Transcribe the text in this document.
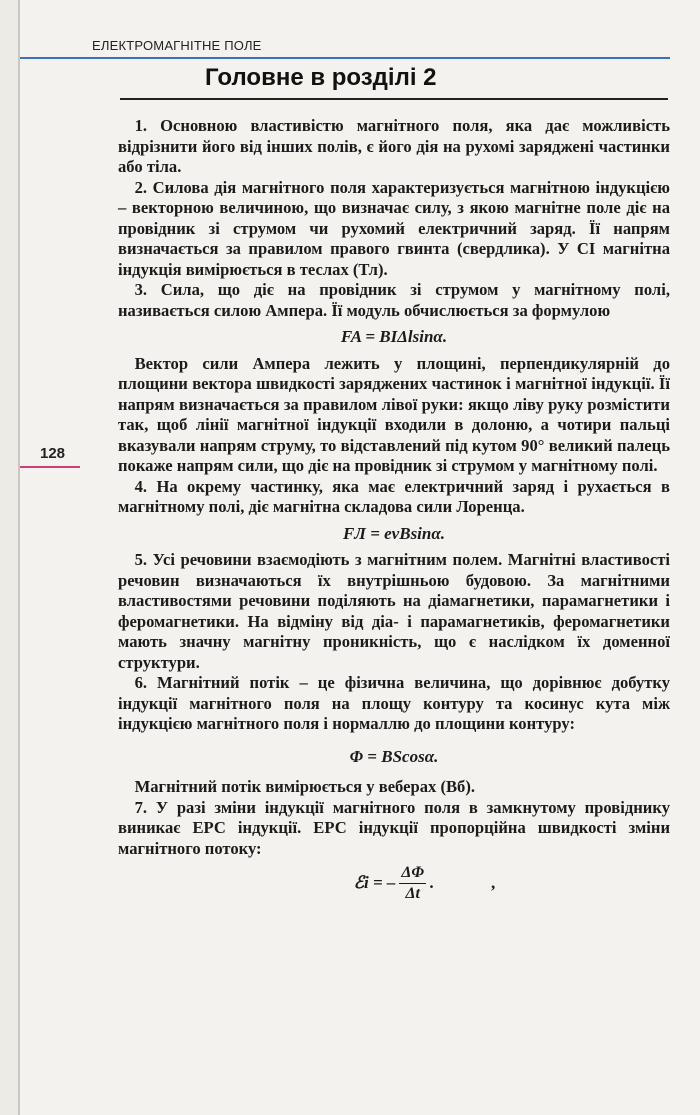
ЕЛЕКТРОМАГНІТНЕ ПОЛЕ
Головне в розділі 2
128

1. Основною властивістю магнітного поля, яка дає можливість відрізнити його від інших полів, є його дія на рухомі заряджені частинки або тіла.

2. Силова дія магнітного поля характеризується магнітною індукцією – векторною величиною, що визначає силу, з якою магнітне поле діє на провідник зі струмом чи рухомий електричний заряд. Її напрям визначається за правилом правого гвинта (свердлика). У СІ магнітна індукція вимірюється в теслах (Тл).

3. Сила, що діє на провідник зі струмом у магнітному полі, називається силою Ампера. Її модуль обчислюється за формулою

FA = BIΔlsinα.

Вектор сили Ампера лежить у площині, перпендикулярній до площини вектора швидкості заряджених частинок і магнітної індукції. Її напрям визначається за правилом лівої руки: якщо ліву руку розмістити так, щоб лінії магнітної індукції входили в долоню, а чотири пальці вказували напрям струму, то відставлений під кутом 90° великий палець покаже напрям сили, що діє на провідник зі струмом у магнітному полі.

4. На окрему частинку, яка має електричний заряд і рухається в магнітному полі, діє магнітна складова сили Лоренца.

FЛ = evBsinα.

5. Усі речовини взаємодіють з магнітним полем. Магнітні властивості речовин визначаються їх внутрішньою будовою. За магнітними властивостями речовини поділяють на діамагнетики, парамагнетики і феромагнетики. На відміну від діа- і парамагнетиків, феромагнетики мають значну магнітну проникність, що є наслідком їх доменної структури.

6. Магнітний потік – це фізична величина, що дорівнює добутку індукції магнітного поля на площу контуру та косинус кута між індукцією магнітного поля і нормаллю до площини контуру:

Φ = BScosα.

Магнітний потік вимірюється у веберах (Вб).

7. У разі зміни індукції магнітного поля в замкнутому провіднику виникає ЕРС індукції. ЕРС індукції пропорційна швидкості зміни магнітного потоку:

ℰi = – $\frac{\Delta\Phi}{\Delta t}$ .	,
